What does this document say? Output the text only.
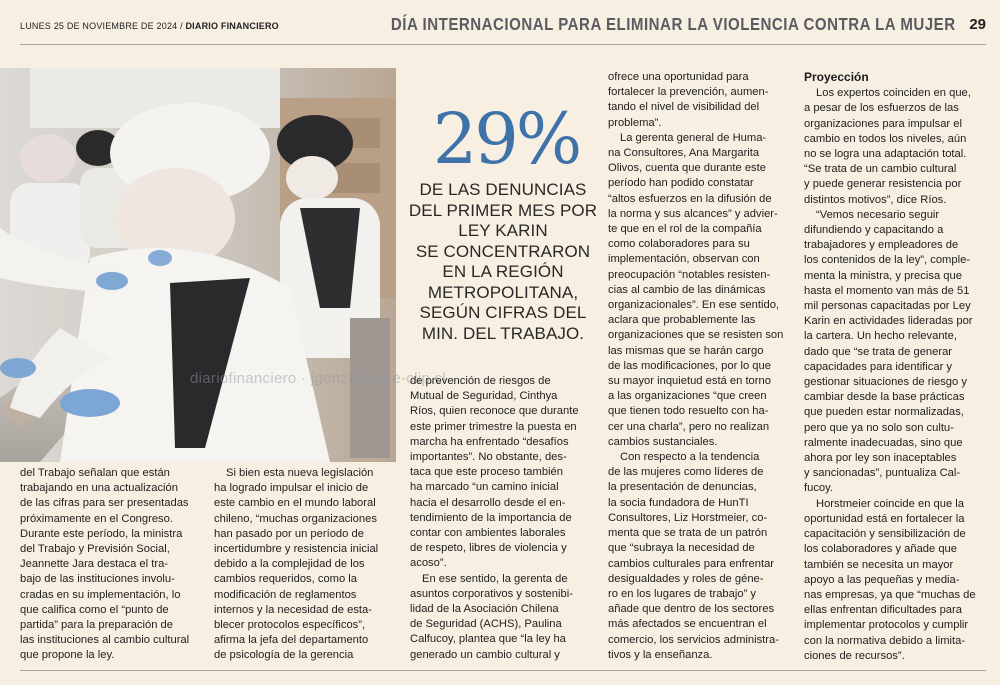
LUNES 25 DE NOVIEMBRE DE 2024 / DIARIO FINANCIERO	DÍA INTERNACIONAL PARA ELIMINAR LA VIOLENCIA CONTRA LA MUJER 29
diariofinanciero · jgonzalez@e-clip.cl
29%
DE LAS DENUNCIAS
DEL PRIMER MES POR
LEY KARIN
SE CONCENTRARON
EN LA REGIÓN
METROPOLITANA,
SEGÚN CIFRAS DEL
MIN. DEL TRABAJO.

del Trabajo señalan que están
trabajando en una actualización
de las cifras para ser presentadas
próximamente en el Congreso.
Durante este período, la ministra
del Trabajo y Previsión Social,
Jeannette Jara destaca el tra-
bajo de las instituciones involu-
cradas en su implementación, lo
que califica como el “punto de
partida” para la preparación de
las instituciones al cambio cultural
que propone la ley.

Si bien esta nueva legislación
ha logrado impulsar el inicio de
este cambio en el mundo laboral
chileno, “muchas organizaciones
han pasado por un período de
incertidumbre y resistencia inicial
debido a la complejidad de los
cambios requeridos, como la
modificación de reglamentos
internos y la necesidad de esta-
blecer protocolos específicos”,
afirma la jefa del departamento
de psicología de la gerencia

de prevención de riesgos de
Mutual de Seguridad, Cinthya
Ríos, quien reconoce que durante
este primer trimestre la puesta en
marcha ha enfrentado “desafíos
importantes”. No obstante, des-
taca que este proceso también
ha marcado “un camino inicial
hacia el desarrollo desde el en-
tendimiento de la importancia de
contar con ambientes laborales
de respeto, libres de violencia y
acoso”.

En ese sentido, la gerenta de
asuntos corporativos y sostenibi-
lidad de la Asociación Chilena
de Seguridad (ACHS), Paulina
Calfucoy, plantea que “la ley ha
generado un cambio cultural y

ofrece una oportunidad para
fortalecer la prevención, aumen-
tando el nivel de visibilidad del
problema”.

La gerenta general de Huma-
na Consultores, Ana Margarita
Olivos, cuenta que durante este
período han podido constatar
“altos esfuerzos en la difusión de
la norma y sus alcances” y advier-
te que en el rol de la compañía
como colaboradores para su
implementación, observan con
preocupación “notables resisten-
cias al cambio de las dinámicas
organizacionales”. En ese sentido,
aclara que probablemente las
organizaciones que se resisten son
las mismas que se harán cargo
de las modificaciones, por lo que
su mayor inquietud está en torno
a las organizaciones “que creen
que tienen todo resuelto con ha-
cer una charla”, pero no realizan
cambios sustanciales.

Con respecto a la tendencia
de las mujeres como líderes de
la presentación de denuncias,
la socia fundadora de HunTI
Consultores, Liz Horstmeier, co-
menta que se trata de un patrón
que “subraya la necesidad de
cambios culturales para enfrentar
desigualdades y roles de géne-
ro en los lugares de trabajo” y
añade que dentro de los sectores
más afectados se encuentran el
comercio, los servicios administra-
tivos y la enseñanza.

Proyección

Los expertos coinciden en que,
a pesar de los esfuerzos de las
organizaciones para impulsar el
cambio en todos los niveles, aún
no se logra una adaptación total.
“Se trata de un cambio cultural
y puede generar resistencia por
distintos motivos”, dice Ríos.

“Vemos necesario seguir
difundiendo y capacitando a
trabajadores y empleadores de
los contenidos de la ley”, comple-
menta la ministra, y precisa que
hasta el momento van más de 51
mil personas capacitadas por Ley
Karin en actividades lideradas por
la cartera. Un hecho relevante,
dado que “se trata de generar
capacidades para identificar y
gestionar situaciones de riesgo y
cambiar desde la base prácticas
que pueden estar normalizadas,
pero que ya no solo son cultu-
ralmente inadecuadas, sino que
ahora por ley son inaceptables
y sancionadas”, puntualiza Cal-
fucoy.

Horstmeier coincide en que la
oportunidad está en fortalecer la
capacitación y sensibilización de
los colaboradores y añade que
también se necesita un mayor
apoyo a las pequeñas y media-
nas empresas, ya que “muchas de
ellas enfrentan dificultades para
implementar protocolos y cumplir
con la normativa debido a limita-
ciones de recursos”.
